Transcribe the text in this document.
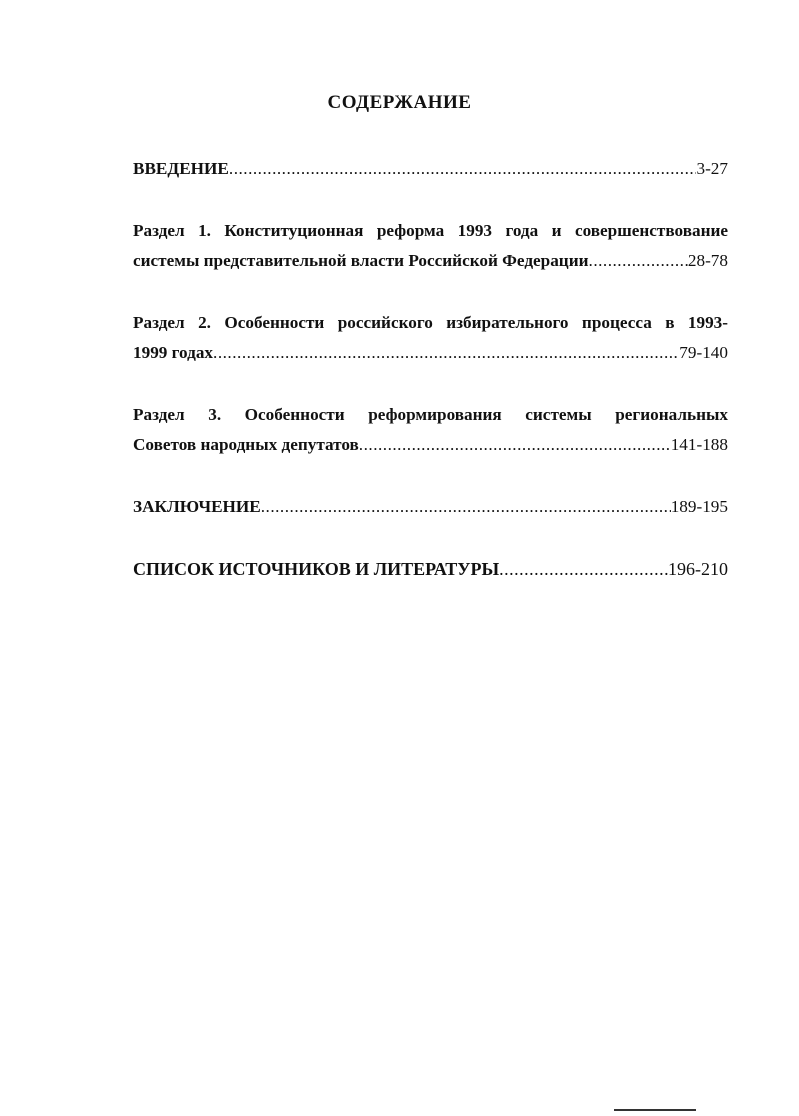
СОДЕРЖАНИЕ
ВВЕДЕНИЕ .....	3-27
Раздел 1. Конституционная реформа 1993 года и совершенствование
системы представительной власти Российской Федерации .....	28-78
Раздел 2. Особенности российского избирательного процесса в 1993-
1999 годах .....	79-140
Раздел 3. Особенности реформирования системы региональных
Советов народных депутатов .....	141-188
ЗАКЛЮЧЕНИЕ .....	189-195
СПИСОК ИСТОЧНИКОВ И ЛИТЕРАТУРЫ .....	196-210
